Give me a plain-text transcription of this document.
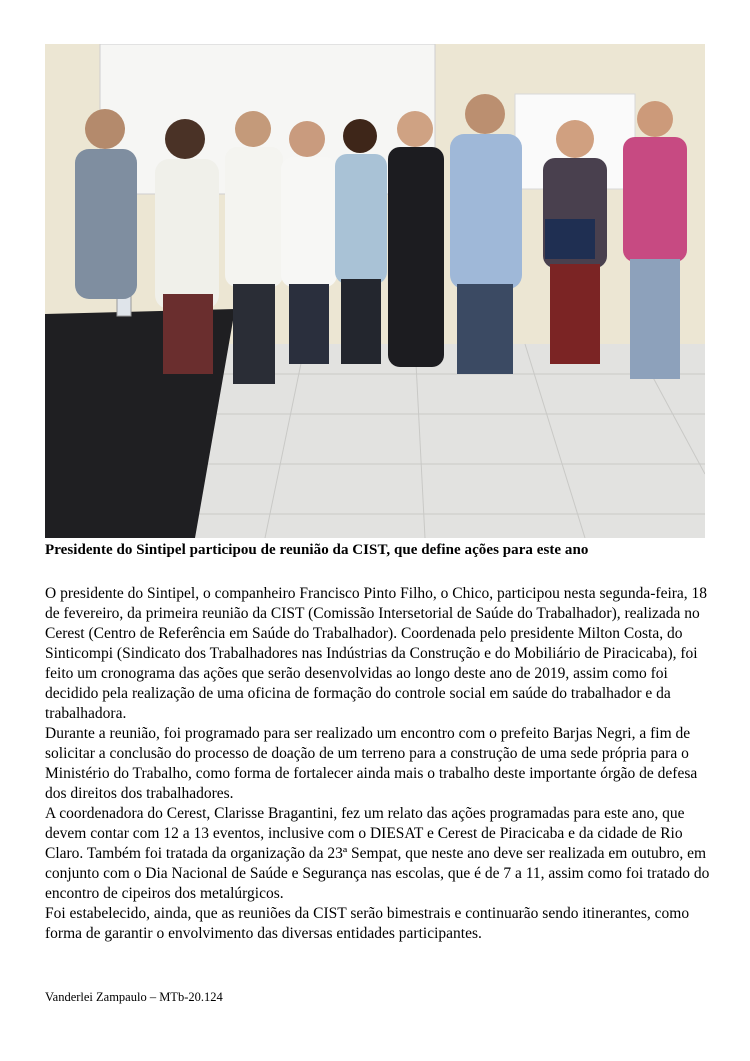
Presidente do Sintipel participou de reunião da CIST, que define ações para este ano

O presidente do Sintipel, o companheiro Francisco Pinto Filho, o Chico, participou nesta segunda-feira, 18 de fevereiro, da primeira reunião da CIST (Comissão Intersetorial de Saúde do Trabalhador), realizada no Cerest (Centro de Referência em Saúde do Trabalhador). Coordenada pelo presidente Milton Costa, do Sinticompi (Sindicato dos Trabalhadores nas Indústrias da Construção e do Mobiliário de Piracicaba), foi feito um cronograma das ações que serão desenvolvidas ao longo deste ano de 2019, assim como foi decidido pela realização de uma oficina de formação do controle social em saúde do trabalhador e da trabalhadora.

Durante a reunião, foi programado para ser realizado um encontro com o prefeito Barjas Negri, a fim de solicitar a conclusão do processo de doação de um terreno para a construção de uma sede própria para o Ministério do Trabalho, como forma de fortalecer ainda mais o trabalho deste importante órgão de defesa dos direitos dos trabalhadores.

A coordenadora do Cerest, Clarisse Bragantini, fez um relato das ações programadas para este ano, que devem contar com 12 a 13 eventos, inclusive com o DIESAT e Cerest de Piracicaba e da cidade de Rio Claro. Também foi tratada da organização da 23ª Sempat, que neste ano deve ser realizada em outubro, em conjunto com o Dia Nacional de Saúde e Segurança nas escolas, que é de 7 a 11, assim como foi tratado do encontro de cipeiros dos metalúrgicos.

Foi estabelecido, ainda, que as reuniões da CIST serão bimestrais e continuarão sendo itinerantes, como forma de garantir o envolvimento das diversas entidades participantes.

Vanderlei Zampaulo – MTb-20.124
